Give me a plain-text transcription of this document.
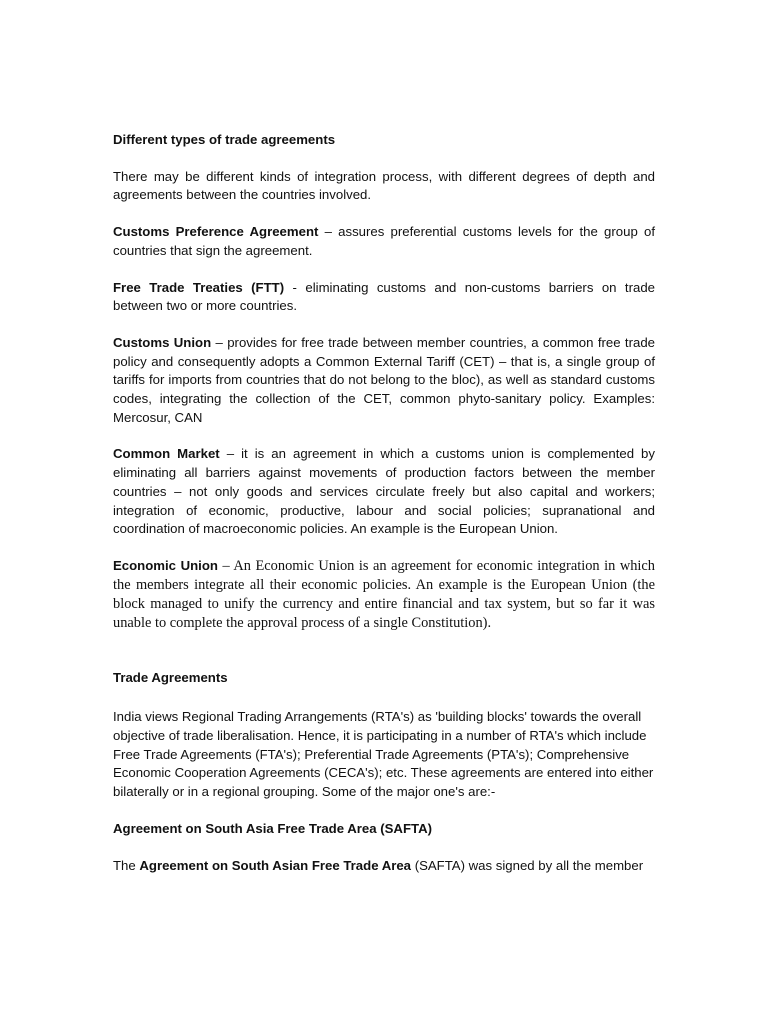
Different types of trade agreements

There may be different kinds of integration process, with different degrees of depth and agreements between the countries involved.

Customs Preference Agreement – assures preferential customs levels for the group of countries that sign the agreement.

Free Trade Treaties (FTT) - eliminating customs and non-customs barriers on trade between two or more countries.

Customs Union – provides for free trade between member countries, a common free trade policy and consequently adopts a Common External Tariff (CET) – that is, a single group of tariffs for imports from countries that do not belong to the bloc), as well as standard customs codes, integrating the collection of the CET, common phyto-sanitary policy. Examples: Mercosur, CAN

Common Market – it is an agreement in which a customs union is complemented by eliminating all barriers against movements of production factors between the member countries – not only goods and services circulate freely but also capital and workers; integration of economic, productive, labour and social policies; supranational and coordination of macroeconomic policies. An example is the European Union.

Economic Union – An Economic Union is an agreement for economic integration in which the members integrate all their economic policies. An example is the European Union (the block managed to unify the currency and entire financial and tax system, but so far it was unable to complete the approval process of a single Constitution).

Trade Agreements

India views Regional Trading Arrangements (RTA's) as 'building blocks' towards the overall objective of trade liberalisation. Hence, it is participating in a number of RTA's which include Free Trade Agreements (FTA's); Preferential Trade Agreements (PTA's); Comprehensive Economic Cooperation Agreements (CECA's); etc. These agreements are entered into either bilaterally or in a regional grouping. Some of the major one's are:-

Agreement on South Asia Free Trade Area (SAFTA)

The Agreement on South Asian Free Trade Area (SAFTA) was signed by all the member
